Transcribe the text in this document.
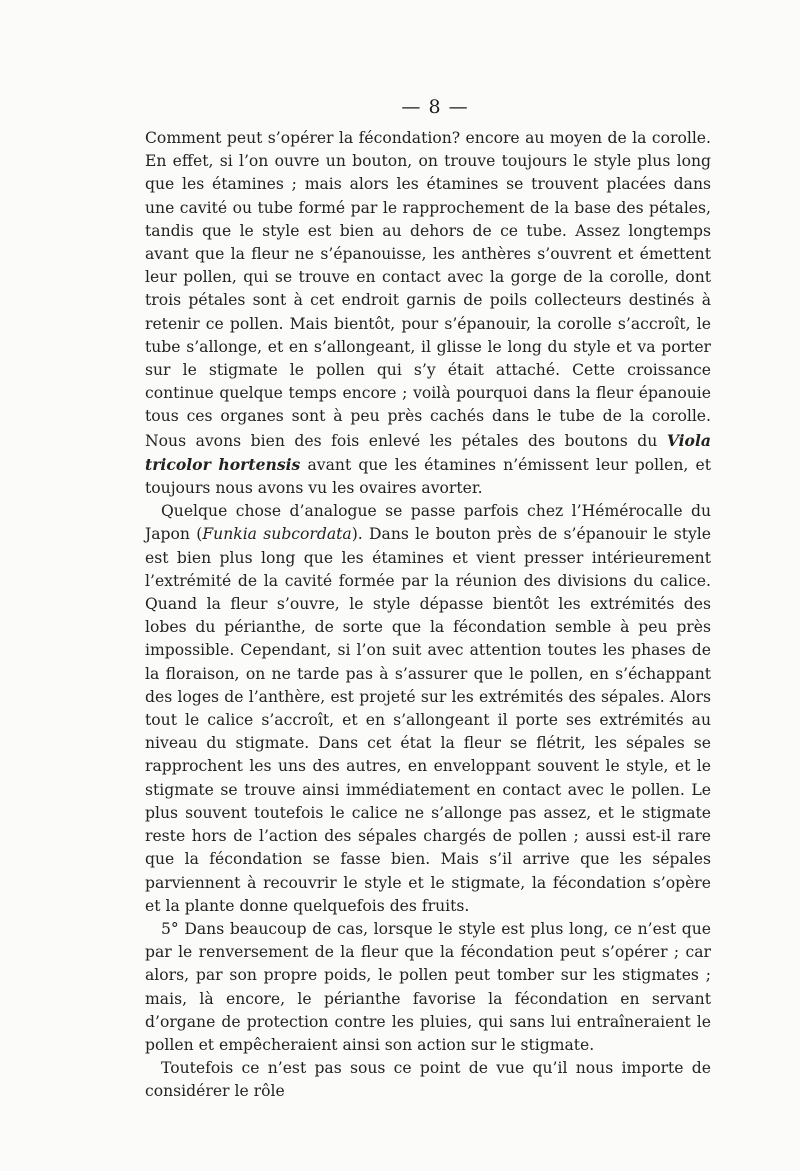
— 8 —

Comment peut s’opérer la fécondation? encore au moyen de la corolle. En effet, si l’on ouvre un bouton, on trouve toujours le style plus long que les étamines ; mais alors les étamines se trouvent placées dans une cavité ou tube formé par le rapprochement de la base des pétales, tandis que le style est bien au dehors de ce tube. Assez longtemps avant que la fleur ne s’épanouisse, les anthères s’ouvrent et émettent leur pollen, qui se trouve en contact avec la gorge de la corolle, dont trois pétales sont à cet endroit garnis de poils collecteurs destinés à retenir ce pollen. Mais bientôt, pour s’épanouir, la corolle s’accroît, le tube s’allonge, et en s’allongeant, il glisse le long du style et va porter sur le stigmate le pollen qui s’y était attaché. Cette croissance continue quelque temps encore ; voilà pourquoi dans la fleur épanouie tous ces organes sont à peu près cachés dans le tube de la corolle. Nous avons bien des fois enlevé les pétales des boutons du Viola tricolor hortensis avant que les étamines n’émissent leur pollen, et toujours nous avons vu les ovaires avorter.

Quelque chose d’analogue se passe parfois chez l’Hémérocalle du Japon (Funkia subcordata). Dans le bouton près de s’épanouir le style est bien plus long que les étamines et vient presser intérieurement l’extrémité de la cavité formée par la réunion des divisions du calice. Quand la fleur s’ouvre, le style dépasse bientôt les extrémités des lobes du périanthe, de sorte que la fécondation semble à peu près impossible. Cependant, si l’on suit avec attention toutes les phases de la floraison, on ne tarde pas à s’assurer que le pollen, en s’échappant des loges de l’anthère, est projeté sur les extrémités des sépales. Alors tout le calice s’accroît, et en s’allongeant il porte ses extrémités au niveau du stigmate. Dans cet état la fleur se flétrit, les sépales se rapprochent les uns des autres, en enveloppant souvent le style, et le stigmate se trouve ainsi immédiatement en contact avec le pollen. Le plus souvent toutefois le calice ne s’allonge pas assez, et le stigmate reste hors de l’action des sépales chargés de pollen ; aussi est-il rare que la fécondation se fasse bien. Mais s’il arrive que les sépales parviennent à recouvrir le style et le stigmate, la fécondation s’opère et la plante donne quelquefois des fruits.

5° Dans beaucoup de cas, lorsque le style est plus long, ce n’est que par le renversement de la fleur que la fécondation peut s’opérer ; car alors, par son propre poids, le pollen peut tomber sur les stigmates ; mais, là encore, le périanthe favorise la fécondation en servant d’organe de protection contre les pluies, qui sans lui entraîneraient le pollen et empêcheraient ainsi son action sur le stigmate.

Toutefois ce n’est pas sous ce point de vue qu’il nous importe de considérer le rôle
